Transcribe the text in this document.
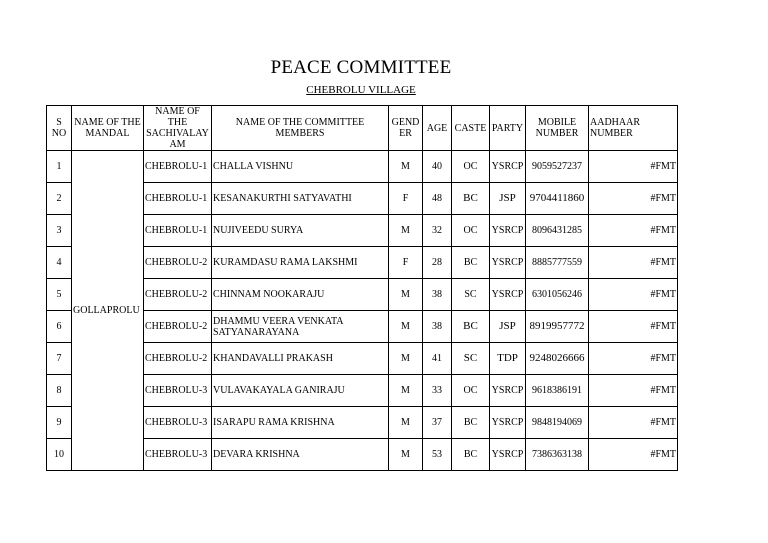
PEACE COMMITTEE
CHEBROLU VILLAGE
S NO	NAME OF THE MANDAL	NAME OF THE SACHIVALAY AM	NAME OF THE COMMITTEE MEMBERS	GEND ER	AGE	CASTE	PARTY	MOBILE NUMBER	AADHAAR NUMBER
1	GOLLAPROLU	CHEBROLU-1	CHALLA VISHNU	M	40	OC	YSRCP	9059527237	#FMT
2		CHEBROLU-1	KESANAKURTHI SATYAVATHI	F	48	BC	JSP	9704411860	#FMT
3		CHEBROLU-1	NUJIVEEDU SURYA	M	32	OC	YSRCP	8096431285	#FMT
4		CHEBROLU-2	KURAMDASU RAMA LAKSHMI	F	28	BC	YSRCP	8885777559	#FMT
5		CHEBROLU-2	CHINNAM NOOKARAJU	M	38	SC	YSRCP	6301056246	#FMT
6		CHEBROLU-2	DHAMMU VEERA VENKATA SATYANARAYANA	M	38	BC	JSP	8919957772	#FMT
7		CHEBROLU-2	KHANDAVALLI PRAKASH	M	41	SC	TDP	9248026666	#FMT
8		CHEBROLU-3	VULAVAKAYALA GANIRAJU	M	33	OC	YSRCP	9618386191	#FMT
9		CHEBROLU-3	ISARAPU RAMA KRISHNA	M	37	BC	YSRCP	9848194069	#FMT
10		CHEBROLU-3	DEVARA KRISHNA	M	53	BC	YSRCP	7386363138	#FMT
